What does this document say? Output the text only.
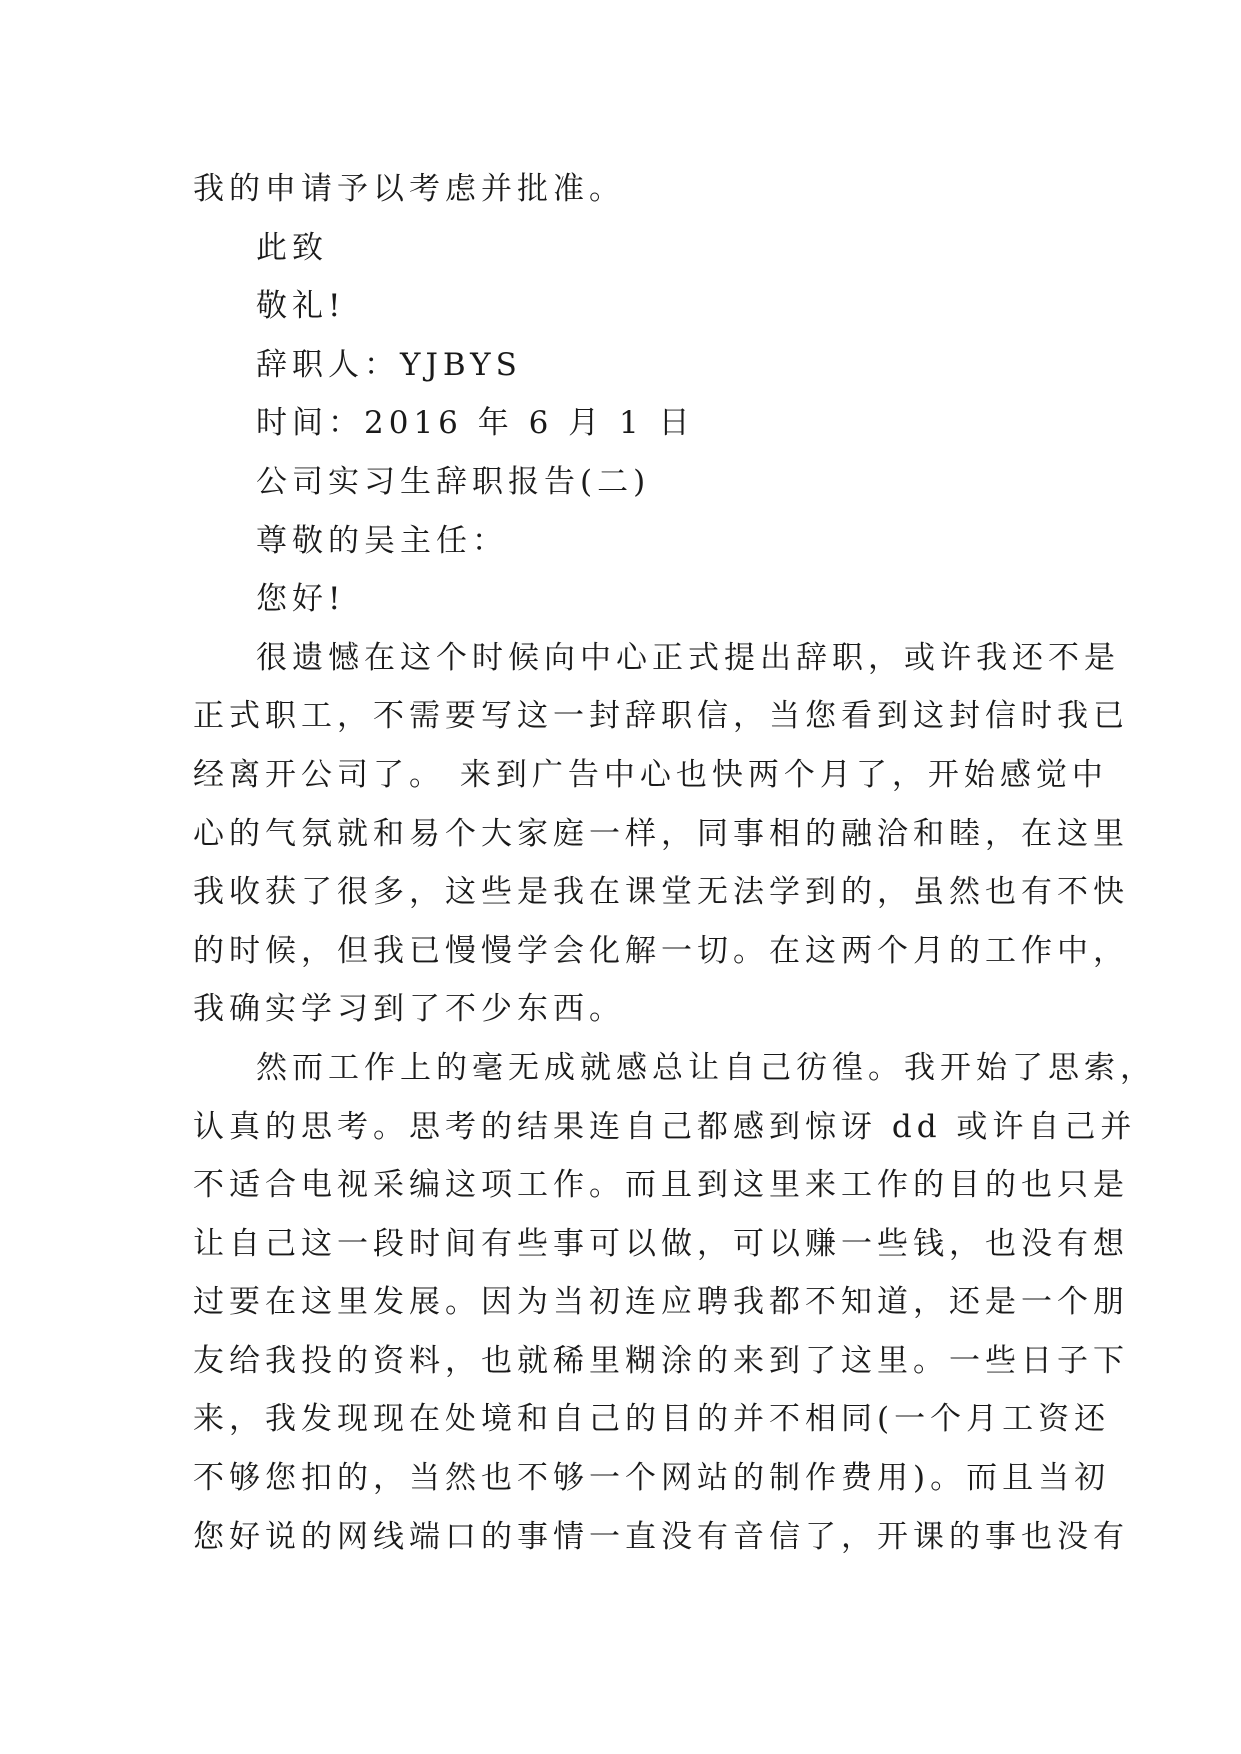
我的申请予以考虑并批准。
此致
敬礼!
辞职人：YJBYS
时间：2016 年 6 月 1 日
公司实习生辞职报告(二)
尊敬的吴主任：
您好!
很遗憾在这个时候向中心正式提出辞职，或许我还不是
正式职工，不需要写这一封辞职信，当您看到这封信时我已
经离开公司了。 来到广告中心也快两个月了，开始感觉中
心的气氛就和易个大家庭一样，同事相的融洽和睦，在这里
我收获了很多，这些是我在课堂无法学到的，虽然也有不快
的时候，但我已慢慢学会化解一切。在这两个月的工作中，
我确实学习到了不少东西。
然而工作上的毫无成就感总让自己彷徨。我开始了思索，
认真的思考。思考的结果连自己都感到惊讶 dd 或许自己并
不适合电视采编这项工作。而且到这里来工作的目的也只是
让自己这一段时间有些事可以做，可以赚一些钱，也没有想
过要在这里发展。因为当初连应聘我都不知道，还是一个朋
友给我投的资料，也就稀里糊涂的来到了这里。一些日子下
来，我发现现在处境和自己的目的并不相同(一个月工资还
不够您扣的，当然也不够一个网站的制作费用)。而且当初
您好说的网线端口的事情一直没有音信了，开课的事也没有
